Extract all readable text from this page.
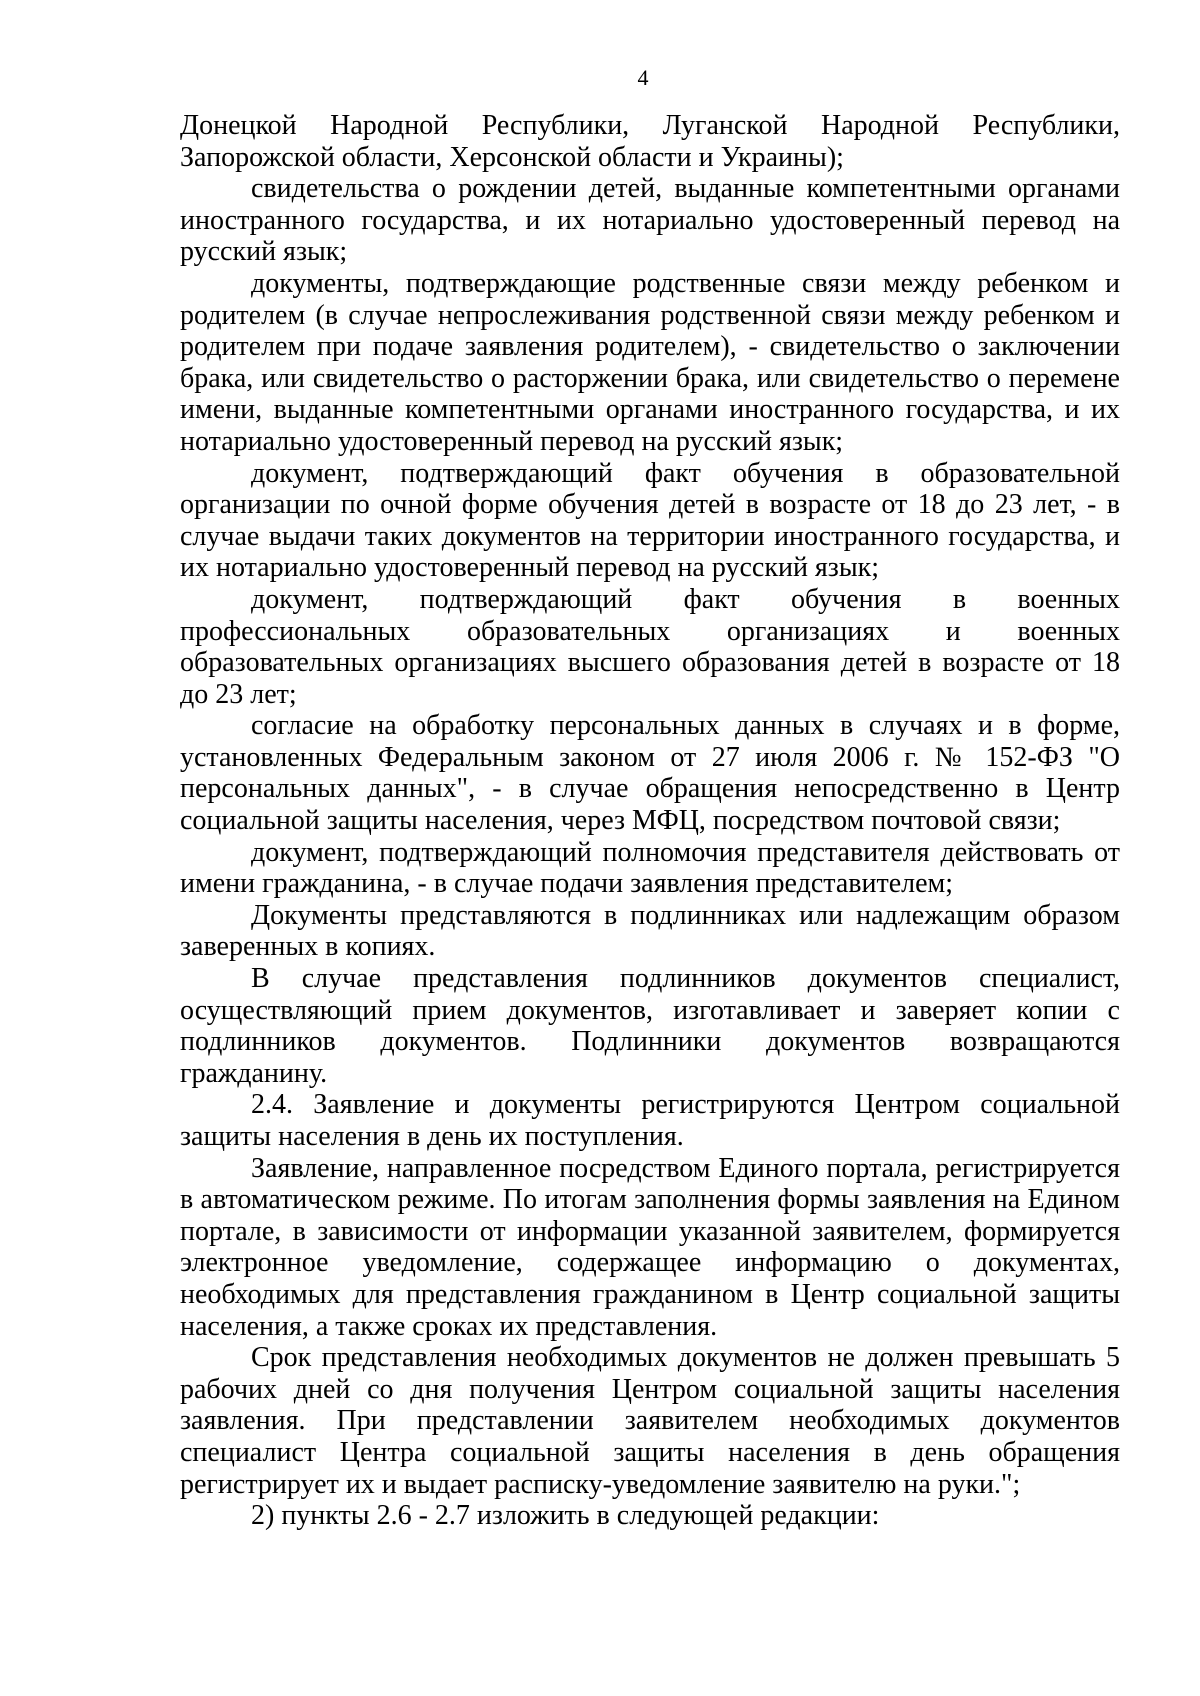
4

Донецкой Народной Республики, Луганской Народной Республики, Запорожской области, Херсонской области и Украины);

свидетельства о рождении детей, выданные компетентными органами иностранного государства, и их нотариально удостоверенный перевод на русский язык;

документы, подтверждающие родственные связи между ребенком и родителем (в случае непрослеживания родственной связи между ребенком и родителем при подаче заявления родителем), - свидетельство о заключении брака, или свидетельство о расторжении брака, или свидетельство о перемене имени, выданные компетентными органами иностранного государства, и их нотариально удостоверенный перевод на русский язык;

документ, подтверждающий факт обучения в образовательной организации по очной форме обучения детей в возрасте от 18 до 23 лет, - в случае выдачи таких документов на территории иностранного государства, и их нотариально удостоверенный перевод на русский язык;

документ, подтверждающий факт обучения в военных профессиональных образовательных организациях и военных образовательных организациях высшего образования детей в возрасте от 18 до 23 лет;

согласие на обработку персональных данных в случаях и в форме, установленных Федеральным законом от 27 июля 2006 г. № 152-ФЗ "О персональных данных", - в случае обращения непосредственно в Центр социальной защиты населения, через МФЦ, посредством почтовой связи;

документ, подтверждающий полномочия представителя действовать от имени гражданина, - в случае подачи заявления представителем;

Документы представляются в подлинниках или надлежащим образом заверенных в копиях.

В случае представления подлинников документов специалист, осуществляющий прием документов, изготавливает и заверяет копии с подлинников документов. Подлинники документов возвращаются гражданину.

2.4. Заявление и документы регистрируются Центром социальной защиты населения в день их поступления.

Заявление, направленное посредством Единого портала, регистрируется в автоматическом режиме. По итогам заполнения формы заявления на Едином портале, в зависимости от информации указанной заявителем, формируется электронное уведомление, содержащее информацию о документах, необходимых для представления гражданином в Центр социальной защиты населения, а также сроках их представления.

Срок представления необходимых документов не должен превышать 5 рабочих дней со дня получения Центром социальной защиты населения заявления. При представлении заявителем необходимых документов специалист Центра социальной защиты населения в день обращения регистрирует их и выдает расписку-уведомление заявителю на руки.";

2) пункты 2.6 - 2.7 изложить в следующей редакции:
